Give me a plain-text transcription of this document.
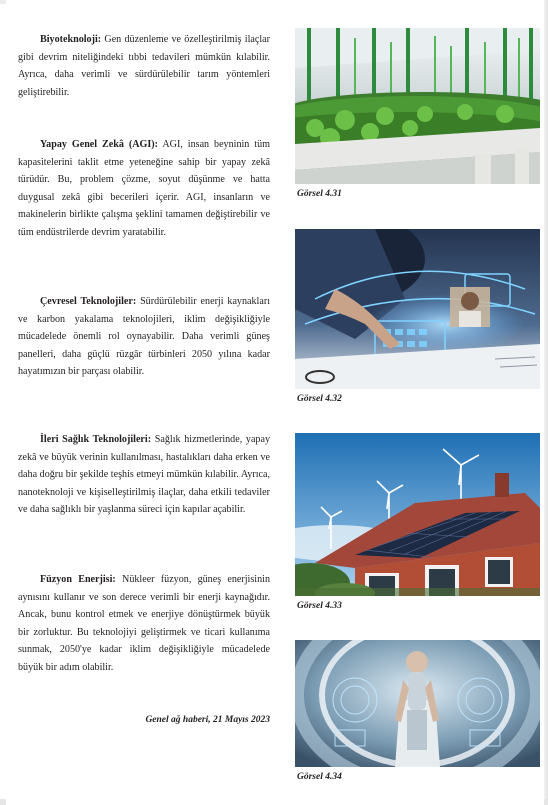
Biyoteknoloji: Gen düzenleme ve özelleştirilmiş ilaçlar gibi devrim niteliğindeki tıbbi tedavileri mümkün kılabilir. Ayrıca, daha verimli ve sürdürülebilir tarım yöntemleri geliştirebilir.

Yapay Genel Zekâ (AGI): AGI, insan beyninin tüm kapasitelerini taklit etme yeteneğine sahip bir yapay zekâ türüdür. Bu, problem çözme, soyut düşünme ve hatta duygusal zekâ gibi becerileri içerir. AGI, insanların ve makinelerin birlikte çalışma şeklini tamamen değiştirebilir ve tüm endüstrilerde devrim yaratabilir.

Çevresel Teknolojiler: Sürdürülebilir enerji kaynakları ve karbon yakalama teknolojileri, iklim değişikliğiyle mücadelede önemli rol oynayabilir. Daha verimli güneş panelleri, daha güçlü rüzgâr türbinleri 2050 yılına kadar hayatımızın bir parçası olabilir.

İleri Sağlık Teknolojileri: Sağlık hizmetlerinde, yapay zekâ ve büyük verinin kullanılması, hastalıkları daha erken ve daha doğru bir şekilde teşhis etmeyi mümkün kılabilir. Ayrıca, nanoteknoloji ve kişiselleştirilmiş ilaçlar, daha etkili tedaviler ve daha sağlıklı bir yaşlanma süreci için kapılar açabilir.

Füzyon Enerjisi: Nükleer füzyon, güneş enerjisinin aynısını kullanır ve son derece verimli bir enerji kaynağıdır. Ancak, bunu kontrol etmek ve enerjiye dönüştürmek büyük bir zorluktur. Bu teknolojiyi geliştirmek ve ticari kullanıma sunmak, 2050'ye kadar iklim değişikliğiyle mücadelede büyük bir adım olabilir.

Genel ağ haberi, 21 Mayıs 2023
Görsel 4.31
Görsel 4.32
Görsel 4.33
Görsel 4.34
